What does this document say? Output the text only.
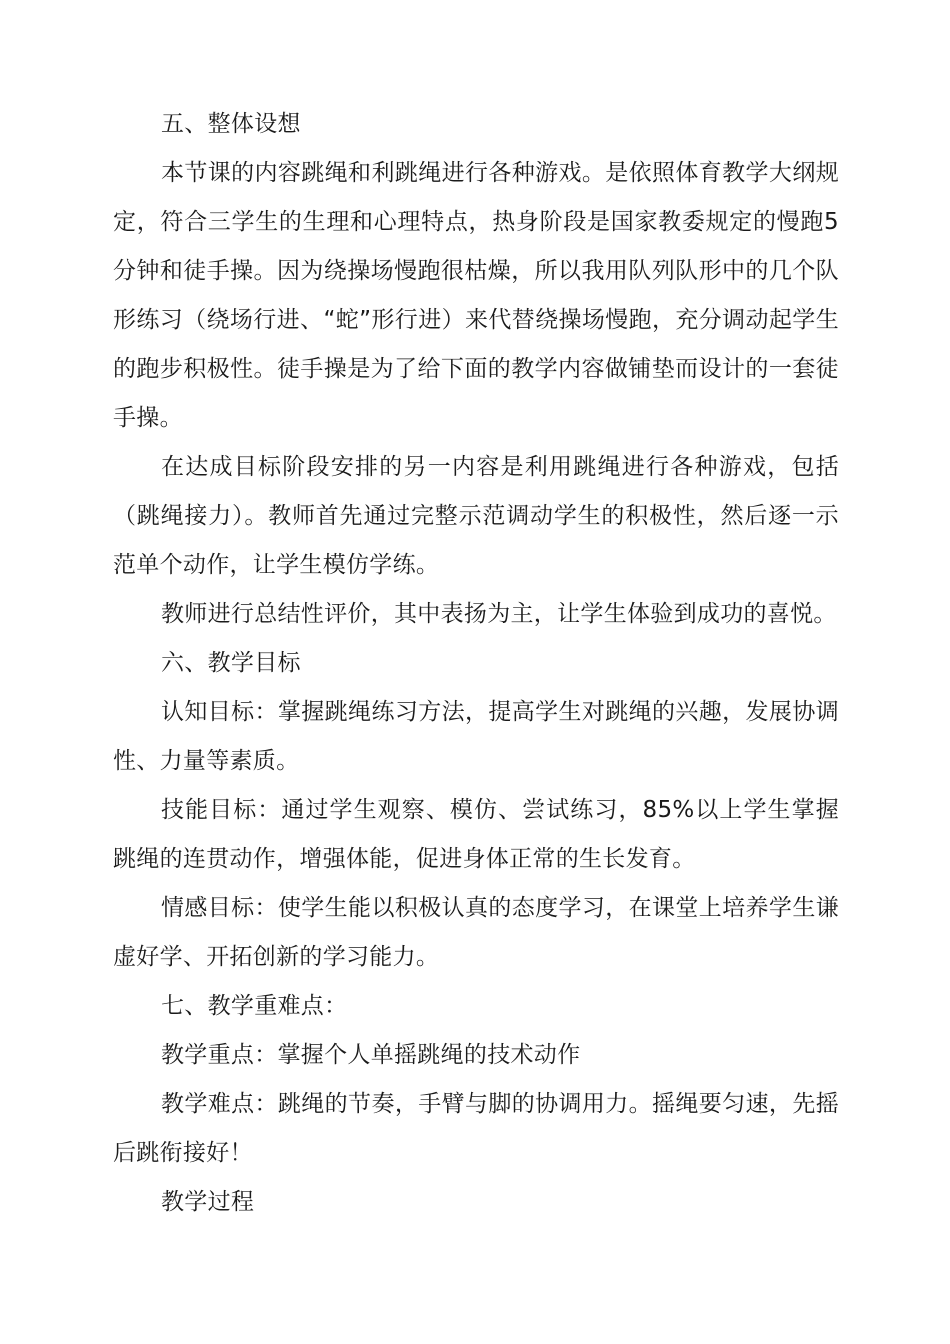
五、整体设想

本节课的内容跳绳和利跳绳进行各种游戏。是依照体育教学大纲规定，符合三学生的生理和心理特点，热身阶段是国家教委规定的慢跑5分钟和徒手操。因为绕操场慢跑很枯燥，所以我用队列队形中的几个队形练习（绕场行进、“蛇”形行进）来代替绕操场慢跑，充分调动起学生的跑步积极性。徒手操是为了给下面的教学内容做铺垫而设计的一套徒手操。

在达成目标阶段安排的另一内容是利用跳绳进行各种游戏，包括（跳绳接力）。教师首先通过完整示范调动学生的积极性，然后逐一示范单个动作，让学生模仿学练。

教师进行总结性评价，其中表扬为主，让学生体验到成功的喜悦。

六、教学目标

认知目标：掌握跳绳练习方法，提高学生对跳绳的兴趣，发展协调性、力量等素质。

技能目标：通过学生观察、模仿、尝试练习，85%以上学生掌握跳绳的连贯动作，增强体能，促进身体正常的生长发育。

情感目标：使学生能以积极认真的态度学习，在课堂上培养学生谦虚好学、开拓创新的学习能力。

七、教学重难点：

教学重点：掌握个人单摇跳绳的技术动作

教学难点：跳绳的节奏，手臂与脚的协调用力。摇绳要匀速，先摇后跳衔接好！

教学过程
